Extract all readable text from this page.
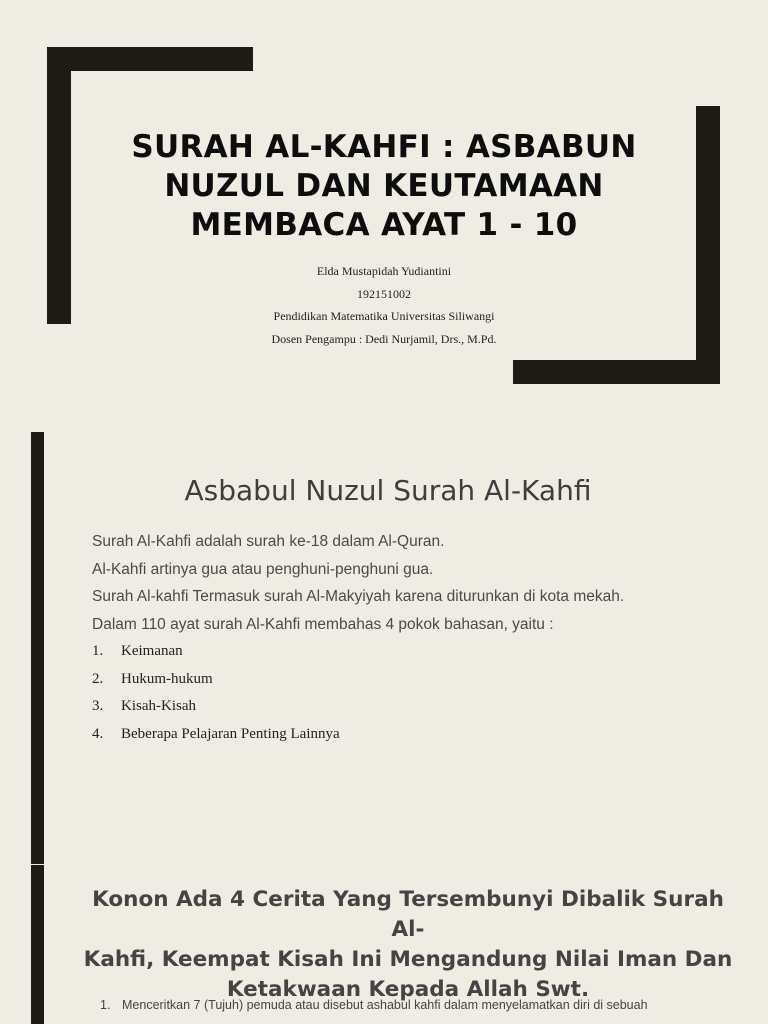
SURAH AL-KAHFI : ASBABUN
NUZUL DAN KEUTAMAAN
MEMBACA AYAT 1 - 10
Elda Mustapidah Yudiantini
192151002
Pendidikan Matematika Universitas Siliwangi
Dosen Pengampu : Dedi Nurjamil, Drs., M.Pd.
Asbabul Nuzul Surah Al-Kahfi
Surah Al-Kahfi adalah surah ke-18 dalam Al-Quran.
Al-Kahfi artinya gua atau penghuni-penghuni gua.
Surah Al-kahfi Termasuk surah Al-Makyiyah karena diturunkan di kota mekah.
Dalam 110 ayat surah Al-Kahfi membahas 4 pokok bahasan, yaitu :
1.	Keimanan
2.	Hukum-hukum
3.	Kisah-Kisah
4.	Beberapa Pelajaran Penting Lainnya
Konon Ada 4 Cerita Yang Tersembunyi Dibalik Surah Al-
Kahfi, Keempat Kisah Ini Mengandung Nilai Iman Dan
Ketakwaan Kepada Allah Swt.
1. Menceritkan 7 (Tujuh) pemuda atau disebut ashabul kahfi dalam menyelamatkan diri di sebuah
